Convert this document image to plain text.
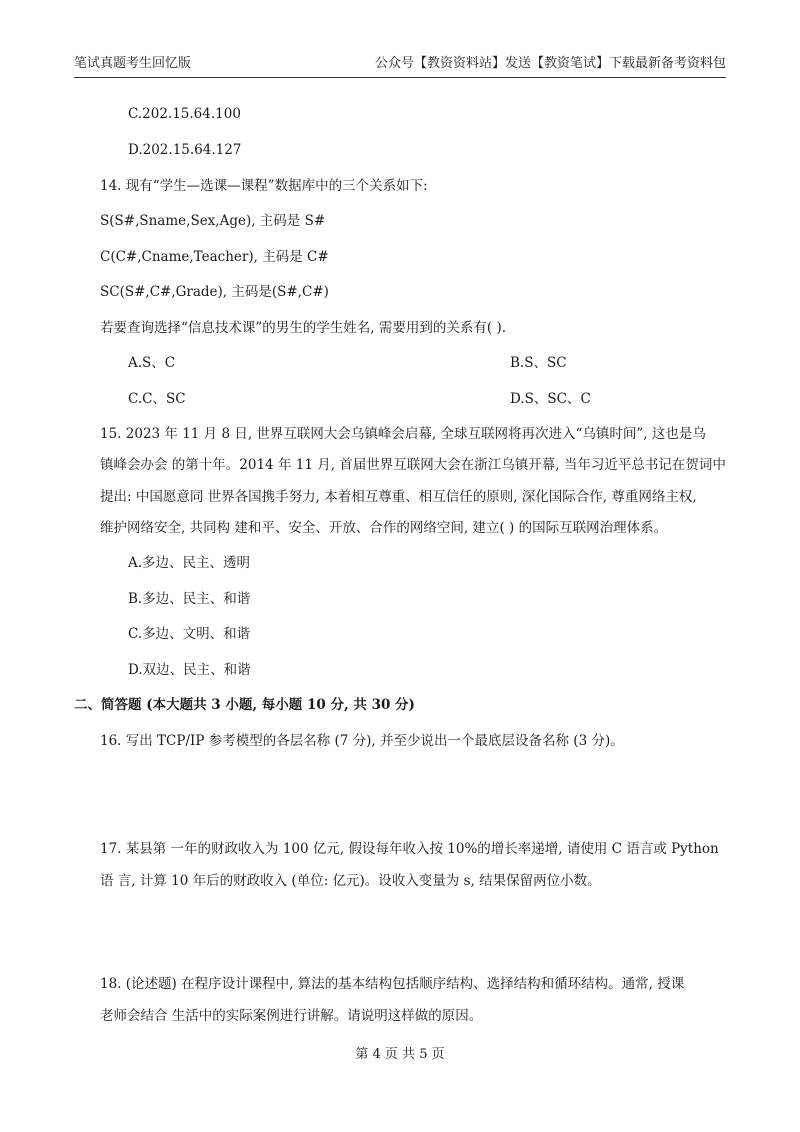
笔试真题考生回忆版	公众号【教资资料站】发送【教资笔试】下载最新备考资料包
C.202.15.64.100
D.202.15.64.127
14. 现有“学生—选课—课程”数据库中的三个关系如下:
S(S#,Sname,Sex,Age), 主码是 S#
C(C#,Cname,Teacher), 主码是 C#
SC(S#,C#,Grade), 主码是(S#,C#)
若要查询选择“信息技术课”的男生的学生姓名, 需要用到的关系有( ).
A.S、C	B.S、SC
C.C、SC	D.S、SC、C
15. 2023 年 11 月 8 日, 世界互联网大会乌镇峰会启幕, 全球互联网将再次进入“乌镇时间”, 这也是乌
镇峰会办会 的第十年。2014 年 11 月, 首届世界互联网大会在浙江乌镇开幕, 当年习近平总书记在贺词中
提出: 中国愿意同 世界各国携手努力, 本着相互尊重、相互信任的原则, 深化国际合作, 尊重网络主权,
维护网络安全, 共同构 建和平、安全、开放、合作的网络空间, 建立( ) 的国际互联网治理体系。
A.多边、民主、透明
B.多边、民主、和谐
C.多边、文明、和谐
D.双边、民主、和谐
二、简答题 (本大题共 3 小题, 每小题 10 分, 共 30 分)
16. 写出 TCP/IP 参考模型的各层名称 (7 分), 并至少说出一个最底层设备名称 (3 分)。
17. 某县第 一年的财政收入为 100 亿元, 假设每年收入按 10%的增长率递增, 请使用 C 语言或 Python
语 言, 计算 10 年后的财政收入 (单位: 亿元)。设收入变量为 s, 结果保留两位小数。
18. (论述题) 在程序设计课程中, 算法的基本结构包括顺序结构、选择结构和循环结构。通常, 授课
老师会结合 生活中的实际案例进行讲解。请说明这样做的原因。
第 4 页 共 5 页
